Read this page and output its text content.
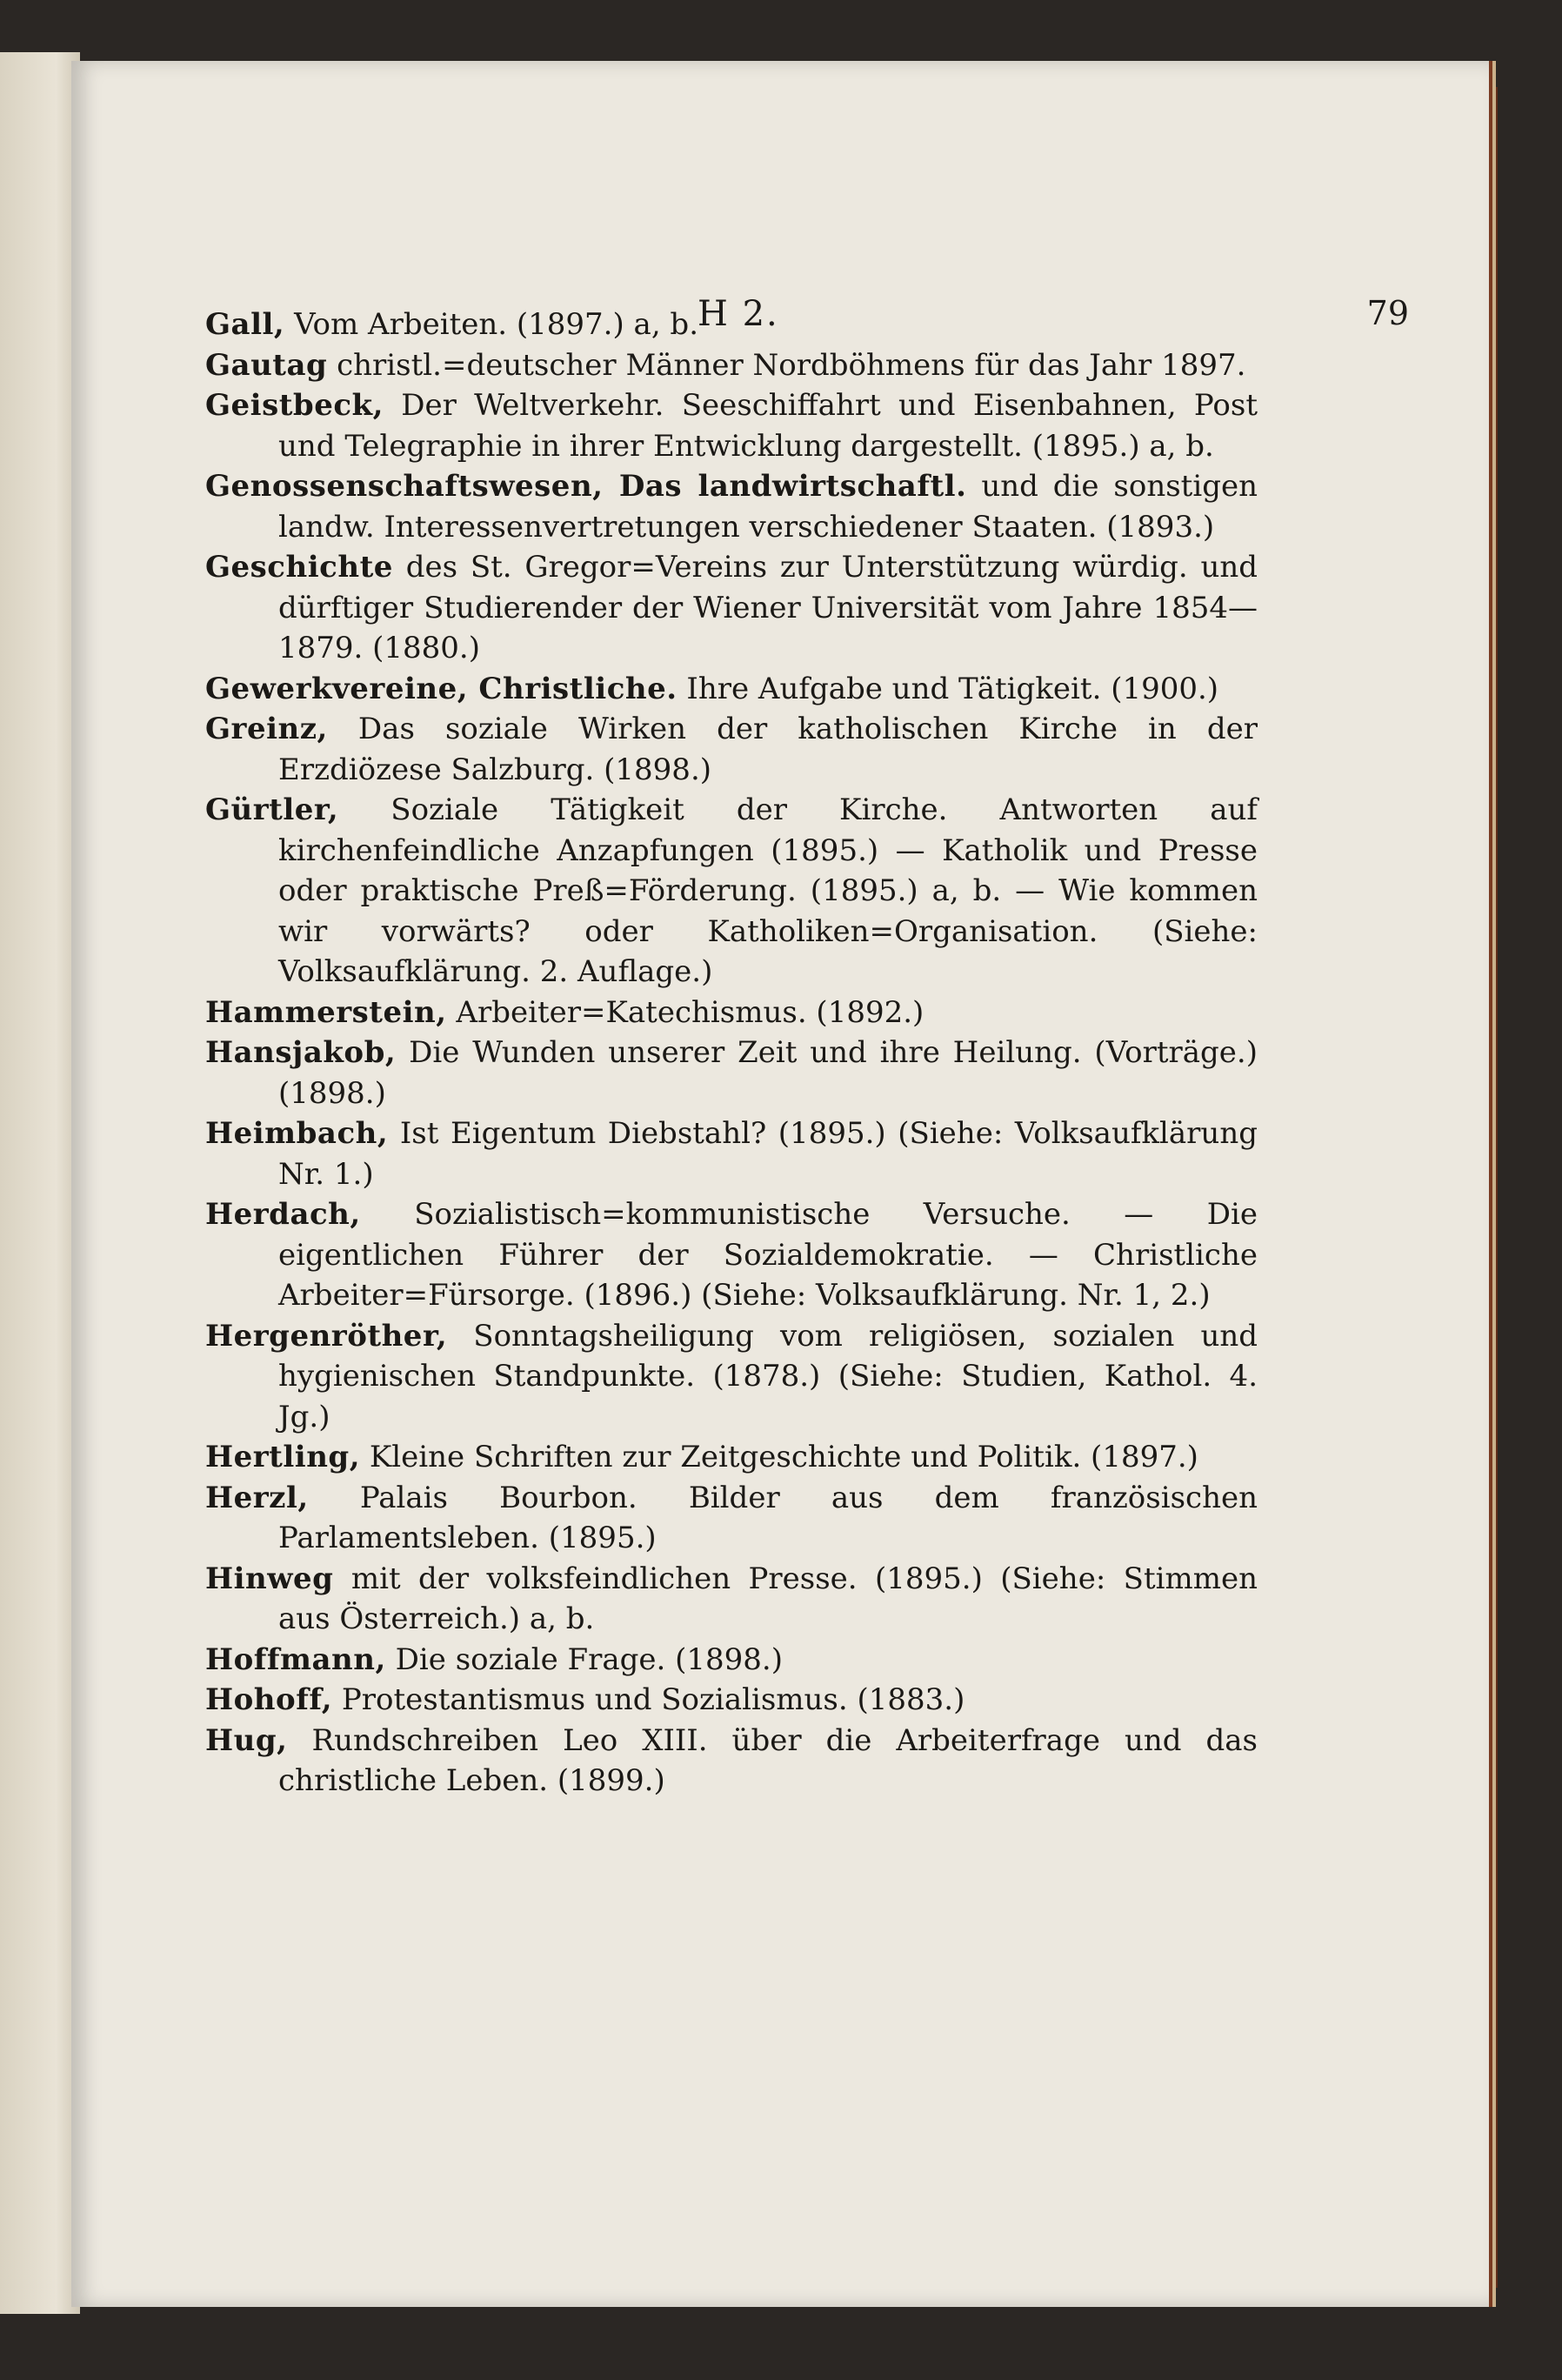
H 2.	79

Gall, Vom Arbeiten. (1897.) a, b.

Gautag christl.=deutscher Männer Nordböhmens für das Jahr 1897.

Geistbeck, Der Weltverkehr. Seeschiffahrt und Eisenbahnen, Post und Telegraphie in ihrer Entwicklung dargestellt. (1895.) a, b.

Genossenschaftswesen, Das landwirtschaftl. und die sonstigen landw. Interessenvertretungen verschiedener Staaten. (1893.)

Geschichte des St. Gregor=Vereins zur Unterstützung würdig. und dürftiger Studierender der Wiener Universität vom Jahre 1854—1879. (1880.)

Gewerkvereine, Christliche. Ihre Aufgabe und Tätigkeit. (1900.)

Greinz, Das soziale Wirken der katholischen Kirche in der Erzdiözese Salzburg. (1898.)

Gürtler, Soziale Tätigkeit der Kirche. Antworten auf kirchenfeindliche Anzapfungen (1895.) — Katholik und Presse oder praktische Preß=Förderung. (1895.) a, b. — Wie kommen wir vorwärts? oder Katholiken=Organisation. (Siehe: Volksaufklärung. 2. Auflage.)

Hammerstein, Arbeiter=Katechismus. (1892.)

Hansjakob, Die Wunden unserer Zeit und ihre Heilung. (Vorträge.) (1898.)

Heimbach, Ist Eigentum Diebstahl? (1895.) (Siehe: Volksaufklärung Nr. 1.)

Herdach, Sozialistisch=kommunistische Versuche. — Die eigentlichen Führer der Sozialdemokratie. — Christliche Arbeiter=Fürsorge. (1896.) (Siehe: Volksaufklärung. Nr. 1, 2.)

Hergenröther, Sonntagsheiligung vom religiösen, sozialen und hygienischen Standpunkte. (1878.) (Siehe: Studien, Kathol. 4. Jg.)

Hertling, Kleine Schriften zur Zeitgeschichte und Politik. (1897.)

Herzl, Palais Bourbon. Bilder aus dem französischen Parlamentsleben. (1895.)

Hinweg mit der volksfeindlichen Presse. (1895.) (Siehe: Stimmen aus Österreich.) a, b.

Hoffmann, Die soziale Frage. (1898.)

Hohoff, Protestantismus und Sozialismus. (1883.)

Hug, Rundschreiben Leo XIII. über die Arbeiterfrage und das christliche Leben. (1899.)
